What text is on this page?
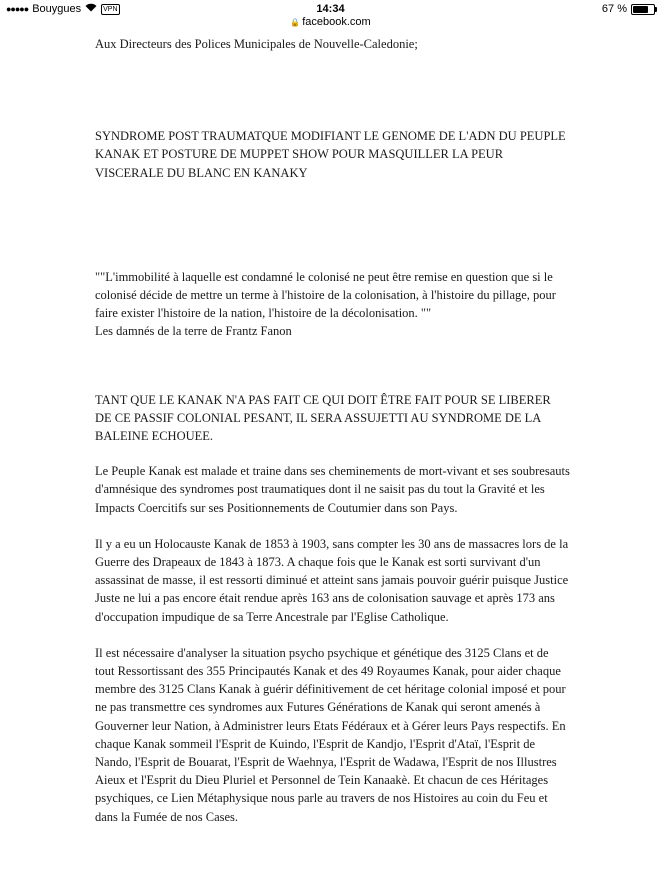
●●●●● Bouygues	VPN	14:34	67 %
🔒 facebook.com

Aux Directeurs des Polices Municipales de Nouvelle-Caledonie;

SYNDROME POST TRAUMATQUE MODIFIANT LE GENOME DE L'ADN DU PEUPLE KANAK ET POSTURE DE MUPPET SHOW POUR MASQUILLER LA PEUR VISCERALE DU BLANC EN KANAKY

""L'immobilité à laquelle est condamné le colonisé ne peut être remise en question que si le colonisé décide de mettre un terme à l'histoire de la colonisation, à l'histoire du pillage, pour faire exister l'histoire de la nation, l'histoire de la décolonisation. ""

Les damnés de la terre de Frantz Fanon

TANT QUE LE KANAK N'A PAS FAIT CE QUI DOIT ÊTRE FAIT POUR SE LIBERER DE CE PASSIF COLONIAL PESANT, IL SERA ASSUJETTI AU SYNDROME DE LA BALEINE ECHOUEE.

Le Peuple Kanak est malade et traine dans ses cheminements de mort-vivant et ses soubresauts d'amnésique des syndromes post traumatiques dont il ne saisit pas du tout la Gravité et les Impacts Coercitifs sur ses Positionnements de Coutumier dans son Pays.

Il y a eu un Holocauste Kanak de 1853 à 1903, sans compter les 30 ans de massacres lors de la Guerre des Drapeaux de 1843 à 1873. A chaque fois que le Kanak est sorti survivant d'un assassinat de masse, il est ressorti diminué et atteint sans jamais pouvoir guérir puisque Justice Juste ne lui a pas encore était rendue après 163 ans de colonisation sauvage et après 173 ans d'occupation impudique de sa Terre Ancestrale par l'Eglise Catholique.

Il est nécessaire d'analyser la situation psycho psychique et génétique des 3125 Clans et de tout Ressortissant des 355 Principautés Kanak et des 49 Royaumes Kanak, pour aider chaque membre des 3125 Clans Kanak à guérir définitivement de cet héritage colonial imposé et pour ne pas transmettre ces syndromes aux Futures Générations de Kanak qui seront amenés à Gouverner leur Nation, à Administrer leurs Etats Fédéraux et à Gérer leurs Pays respectifs. En chaque Kanak sommeil l'Esprit de Kuindo, l'Esprit de Kandjo, l'Esprit d'Ataï, l'Esprit de Nando, l'Esprit de Bouarat, l'Esprit de Waehnya, l'Esprit de Wadawa, l'Esprit de nos Illustres Aieux et l'Esprit du Dieu Pluriel et Personnel de Tein Kanaakè. Et chacun de ces Héritages psychiques, ce Lien Métaphysique nous parle au travers de nos Histoires au coin du Feu et dans la Fumée de nos Cases.
